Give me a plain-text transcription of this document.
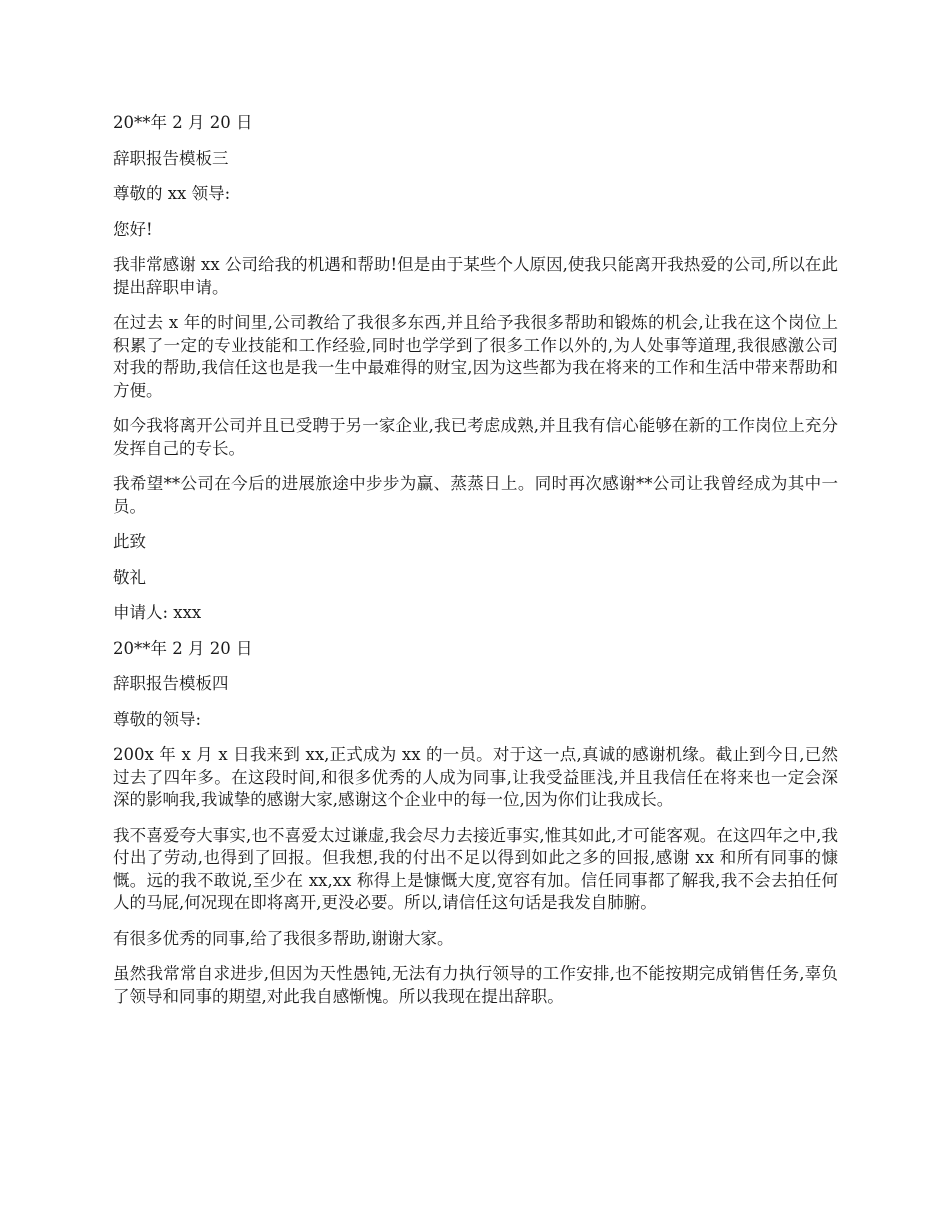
20**年 2 月 20 日

辞职报告模板三

尊敬的 xx 领导:

您好!

我非常感谢 xx 公司给我的机遇和帮助!但是由于某些个人原因,使我只能离开我热爱的公司,所以在此提出辞职申请。

在过去 x 年的时间里,公司教给了我很多东西,并且给予我很多帮助和锻炼的机会,让我在这个岗位上积累了一定的专业技能和工作经验,同时也学学到了很多工作以外的,为人处事等道理,我很感激公司对我的帮助,我信任这也是我一生中最难得的财宝,因为这些都为我在将来的工作和生活中带来帮助和方便。

如今我将离开公司并且已受聘于另一家企业,我已考虑成熟,并且我有信心能够在新的工作岗位上充分发挥自己的专长。

我希望**公司在今后的进展旅途中步步为赢、蒸蒸日上。同时再次感谢**公司让我曾经成为其中一员。

此致

敬礼

申请人: xxx

20**年 2 月 20 日

辞职报告模板四

尊敬的领导:

200x 年 x 月 x 日我来到 xx,正式成为 xx 的一员。对于这一点,真诚的感谢机缘。截止到今日,已然过去了四年多。在这段时间,和很多优秀的人成为同事,让我受益匪浅,并且我信任在将来也一定会深深的影响我,我诚挚的感谢大家,感谢这个企业中的每一位,因为你们让我成长。

我不喜爱夸大事实,也不喜爱太过谦虚,我会尽力去接近事实,惟其如此,才可能客观。在这四年之中,我付出了劳动,也得到了回报。但我想,我的付出不足以得到如此之多的回报,感谢 xx 和所有同事的慷慨。远的我不敢说,至少在 xx,xx 称得上是慷慨大度,宽容有加。信任同事都了解我,我不会去拍任何人的马屁,何况现在即将离开,更没必要。所以,请信任这句话是我发自肺腑。

有很多优秀的同事,给了我很多帮助,谢谢大家。

虽然我常常自求进步,但因为天性愚钝,无法有力执行领导的工作安排,也不能按期完成销售任务,辜负了领导和同事的期望,对此我自感惭愧。所以我现在提出辞职。
